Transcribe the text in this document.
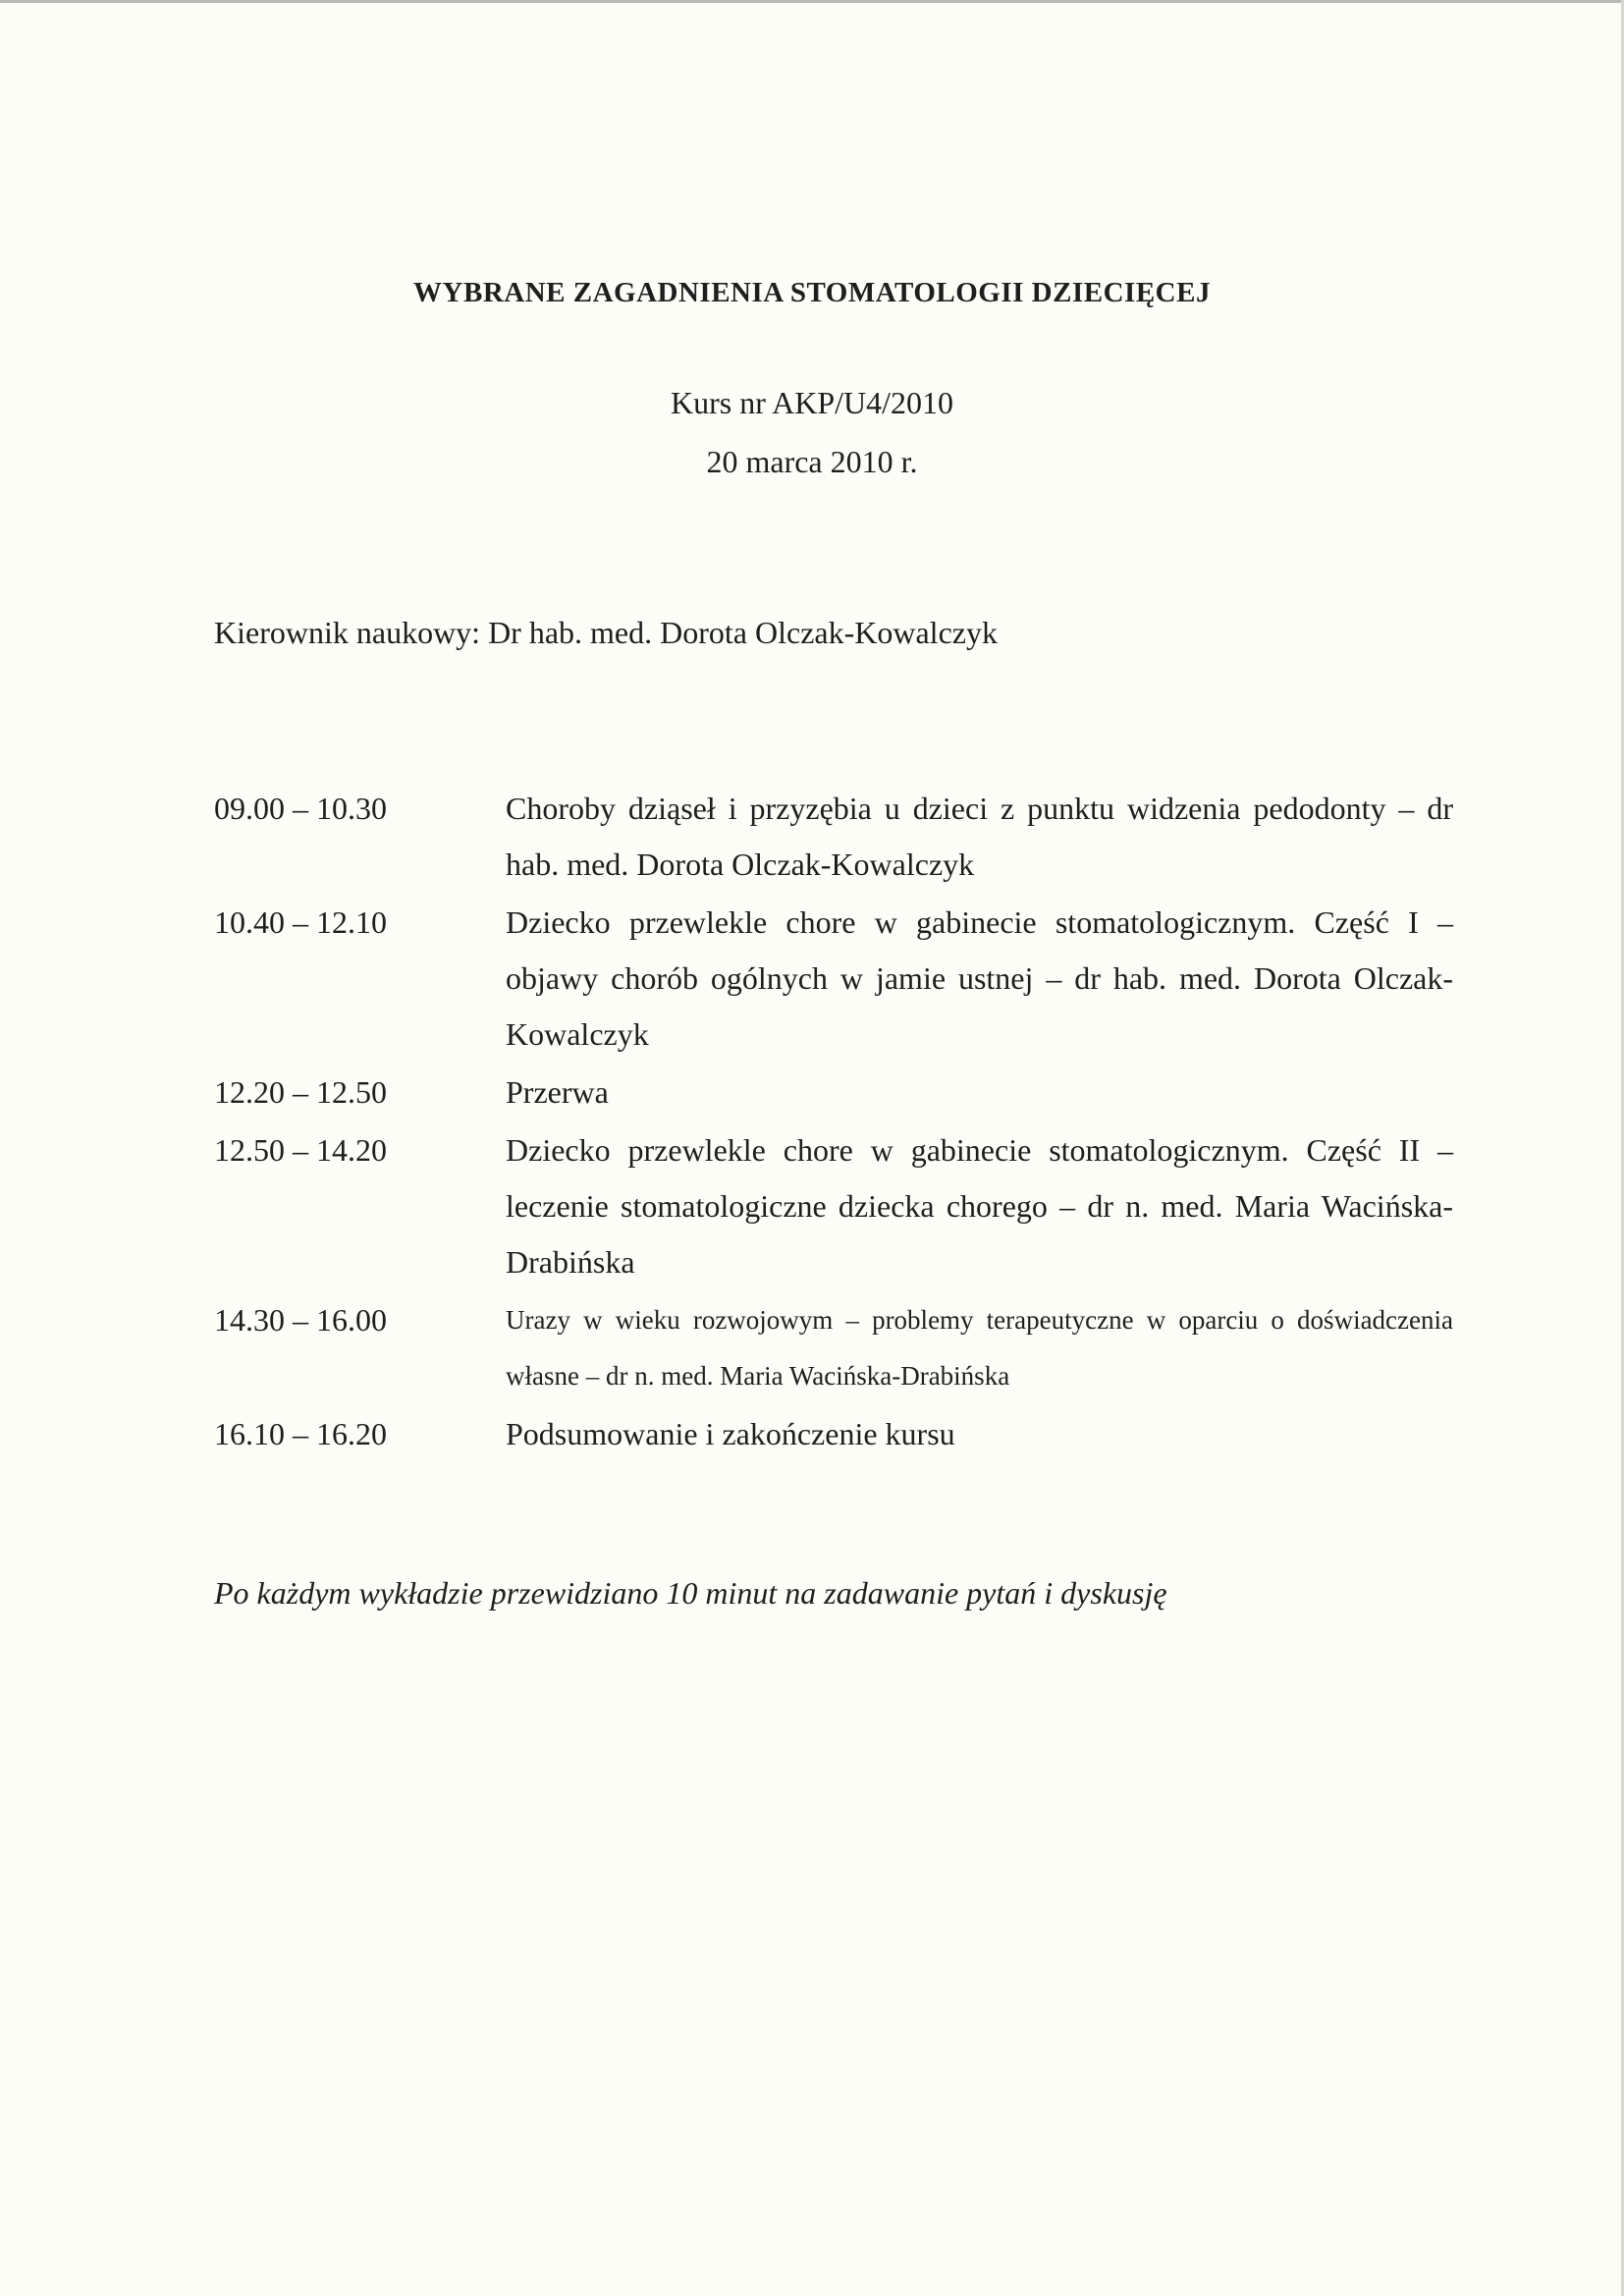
WYBRANE ZAGADNIENIA STOMATOLOGII DZIECIĘCEJ
Kurs nr AKP/U4/2010
20 marca 2010 r.
Kierownik naukowy: Dr hab. med. Dorota Olczak-Kowalczyk
09.00 – 10.30	Choroby dziąseł i przyzębia u dzieci z punktu widzenia pedodonty – dr hab. med. Dorota Olczak-Kowalczyk
10.40 – 12.10	Dziecko przewlekle chore w gabinecie stomatologicznym. Część I – objawy chorób ogólnych w jamie ustnej – dr hab. med. Dorota Olczak-Kowalczyk
12.20 – 12.50	Przerwa
12.50 – 14.20	Dziecko przewlekle chore w gabinecie stomatologicznym. Część II – leczenie stomatologiczne dziecka chorego – dr n. med. Maria Wacińska-Drabińska
14.30 – 16.00	Urazy w wieku rozwojowym – problemy terapeutyczne w oparciu o doświadczenia własne – dr n. med. Maria Wacińska-Drabińska
16.10 – 16.20	Podsumowanie i zakończenie kursu
Po każdym wykładzie przewidziano 10 minut na zadawanie pytań i dyskusję
